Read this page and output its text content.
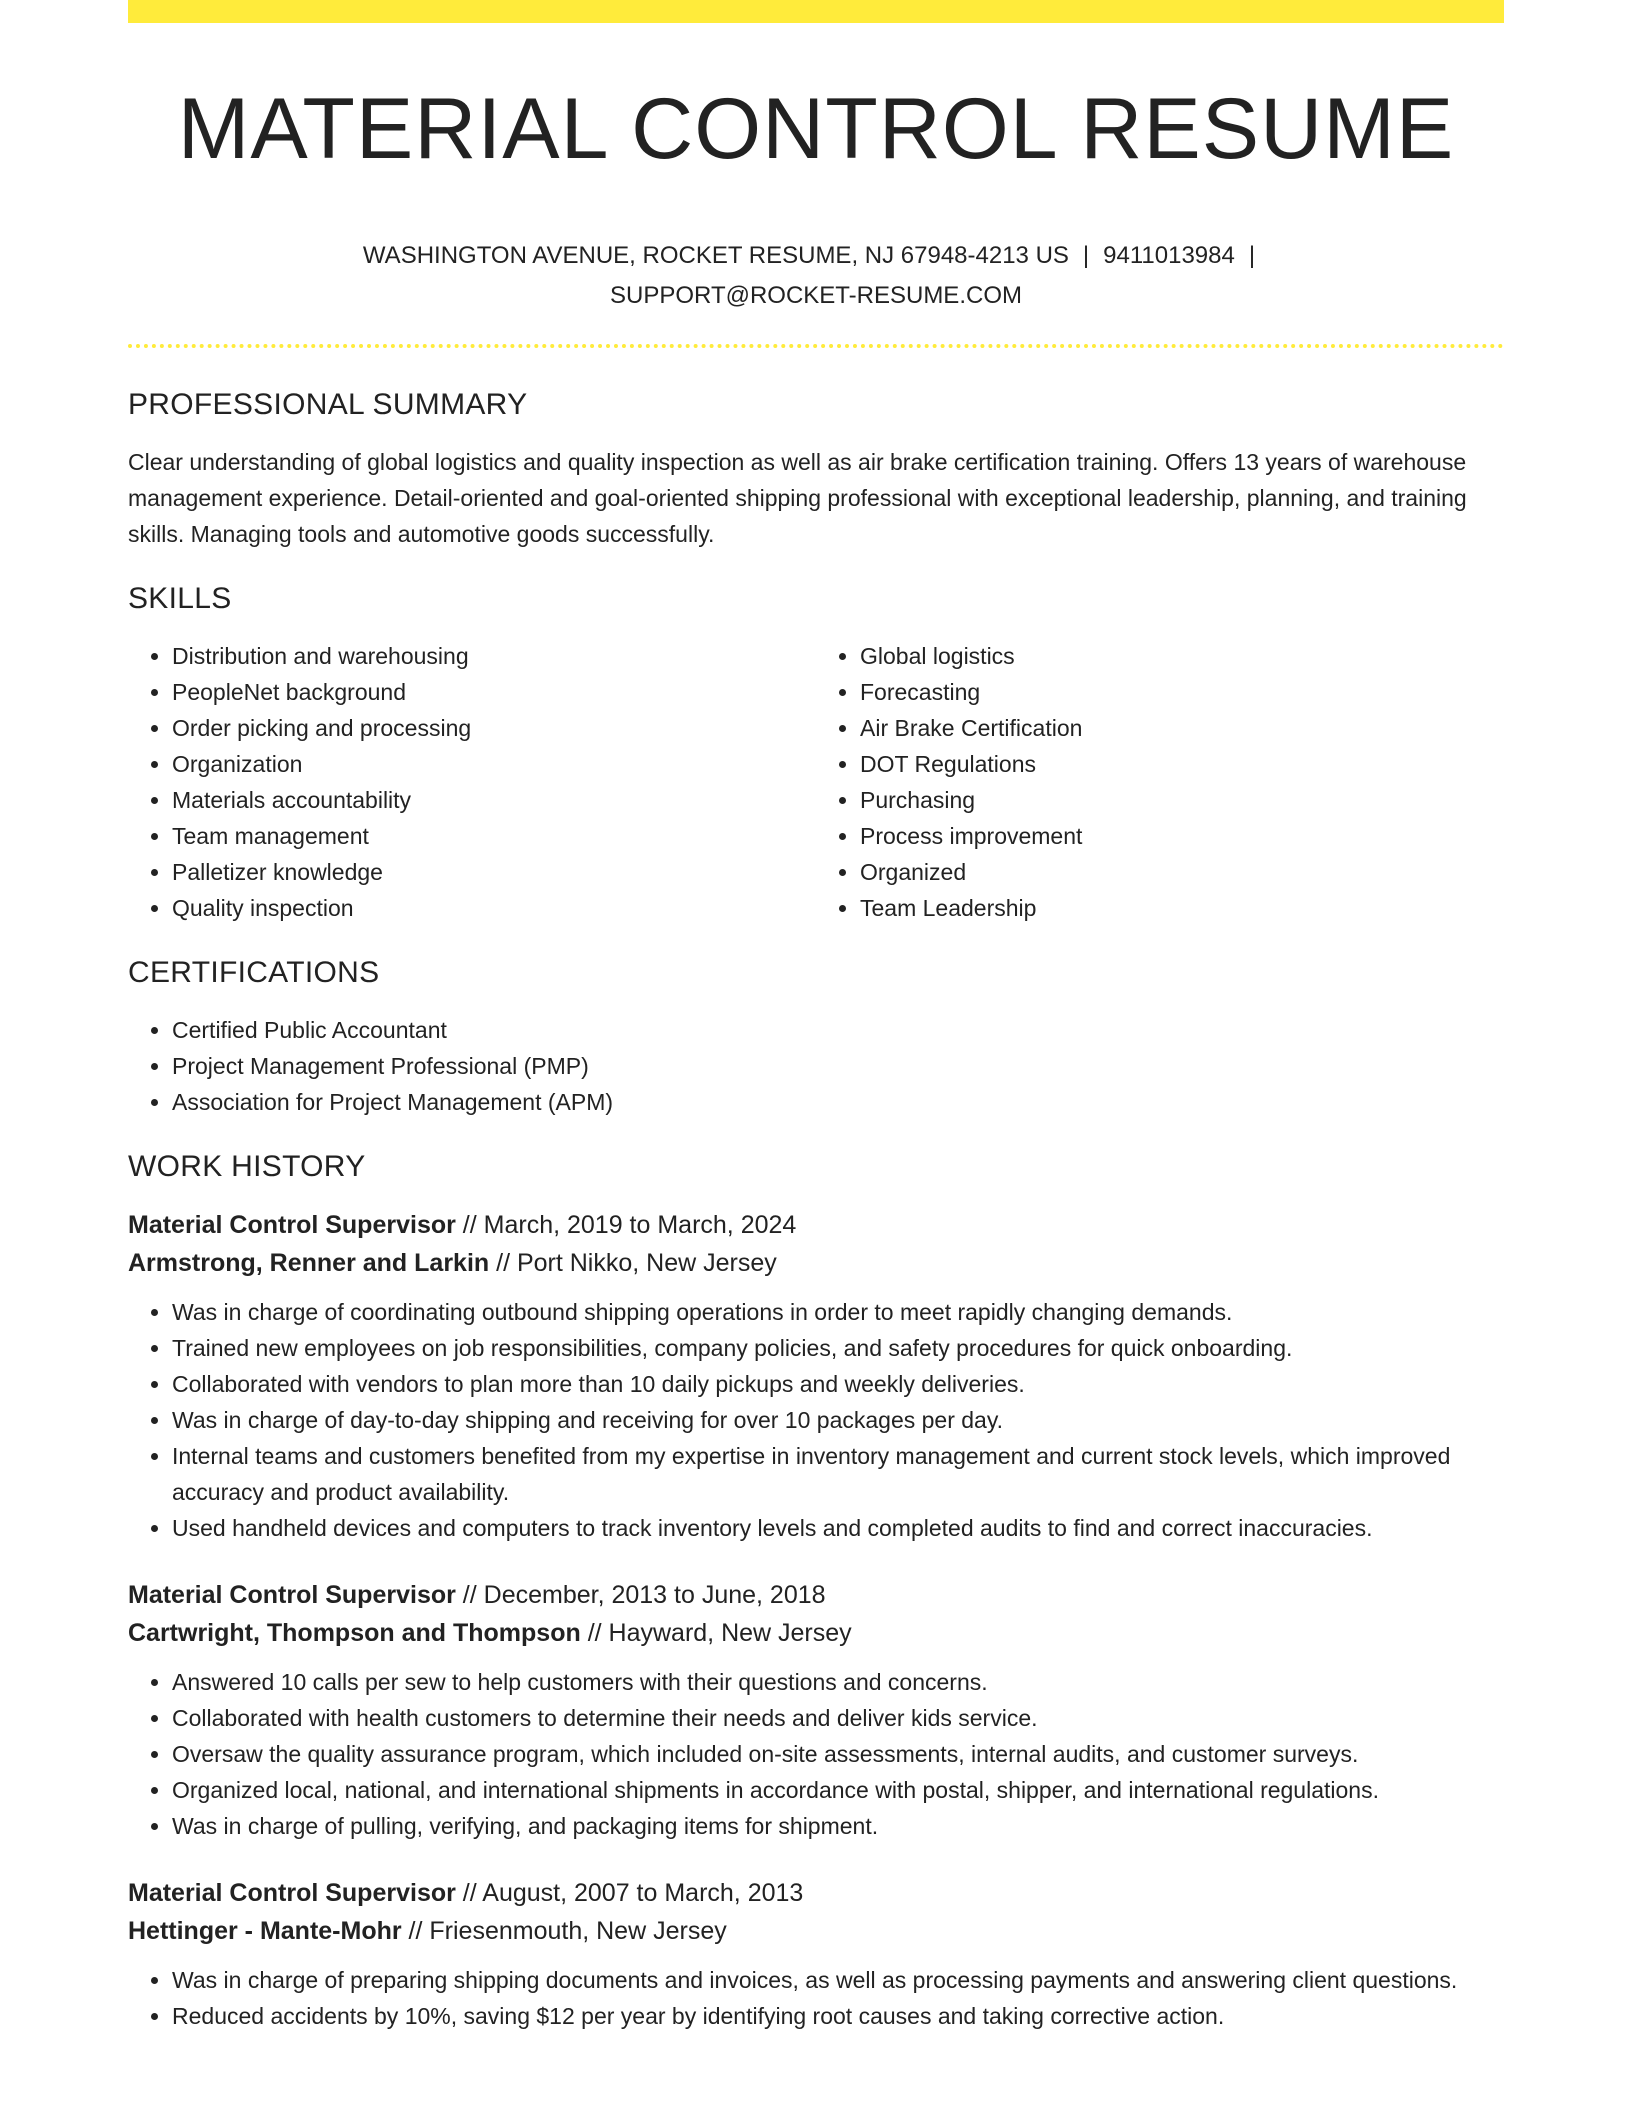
MATERIAL CONTROL RESUME
WASHINGTON AVENUE, ROCKET RESUME, NJ 67948-4213 US | 9411013984 |
SUPPORT@ROCKET-RESUME.COM
PROFESSIONAL SUMMARY

Clear understanding of global logistics and quality inspection as well as air brake certification training. Offers 13 years of warehouse management experience. Detail-oriented and goal-oriented shipping professional with exceptional leadership, planning, and training skills. Managing tools and automotive goods successfully.

SKILLS
• Distribution and warehousing
• PeopleNet background
• Order picking and processing
• Organization
• Materials accountability
• Team management
• Palletizer knowledge
• Quality inspection
• Global logistics
• Forecasting
• Air Brake Certification
• DOT Regulations
• Purchasing
• Process improvement
• Organized
• Team Leadership
CERTIFICATIONS
• Certified Public Accountant
• Project Management Professional (PMP)
• Association for Project Management (APM)
WORK HISTORY
Material Control Supervisor // March, 2019 to March, 2024
Armstrong, Renner and Larkin // Port Nikko, New Jersey
• Was in charge of coordinating outbound shipping operations in order to meet rapidly changing demands.
• Trained new employees on job responsibilities, company policies, and safety procedures for quick onboarding.
• Collaborated with vendors to plan more than 10 daily pickups and weekly deliveries.
• Was in charge of day-to-day shipping and receiving for over 10 packages per day.
• Internal teams and customers benefited from my expertise in inventory management and current stock levels, which improved accuracy and product availability.
• Used handheld devices and computers to track inventory levels and completed audits to find and correct inaccuracies.
Material Control Supervisor // December, 2013 to June, 2018
Cartwright, Thompson and Thompson // Hayward, New Jersey
• Answered 10 calls per sew to help customers with their questions and concerns.
• Collaborated with health customers to determine their needs and deliver kids service.
• Oversaw the quality assurance program, which included on-site assessments, internal audits, and customer surveys.
• Organized local, national, and international shipments in accordance with postal, shipper, and international regulations.
• Was in charge of pulling, verifying, and packaging items for shipment.
Material Control Supervisor // August, 2007 to March, 2013
Hettinger - Mante-Mohr // Friesenmouth, New Jersey
• Was in charge of preparing shipping documents and invoices, as well as processing payments and answering client questions.
• Reduced accidents by 10%, saving $12 per year by identifying root causes and taking corrective action.
